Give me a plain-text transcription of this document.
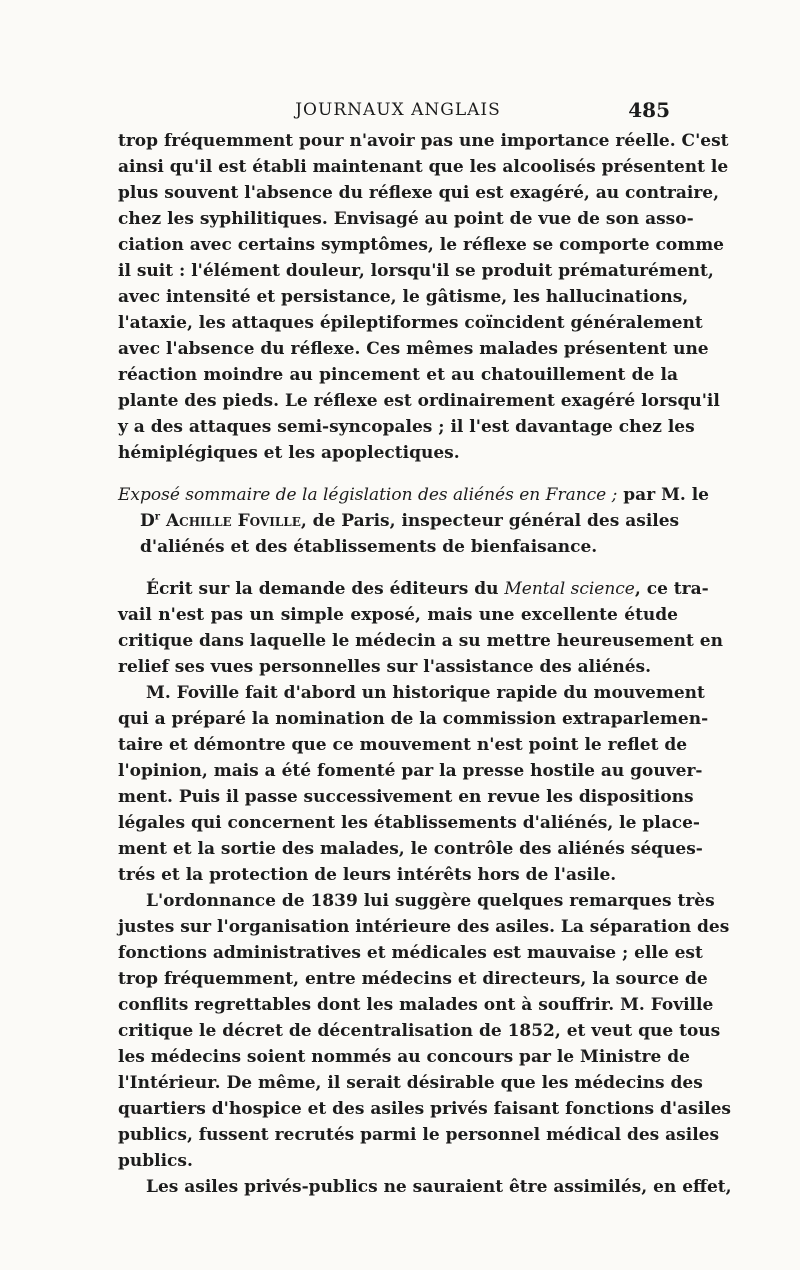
JOURNAUX ANGLAIS	485
trop fréquemment pour n'avoir pas une importance réelle. C'est
ainsi qu'il est établi maintenant que les alcoolisés présentent le
plus souvent l'absence du réflexe qui est exagéré, au contraire,
chez les syphilitiques. Envisagé au point de vue de son asso-
ciation avec certains symptômes, le réflexe se comporte comme
il suit : l'élément douleur, lorsqu'il se produit prématurément,
avec intensité et persistance, le gâtisme, les hallucinations,
l'ataxie, les attaques épileptiformes coïncident généralement
avec l'absence du réflexe. Ces mêmes malades présentent une
réaction moindre au pincement et au chatouillement de la
plante des pieds. Le réflexe est ordinairement exagéré lorsqu'il
y a des attaques semi-syncopales ; il l'est davantage chez les
hémiplégiques et les apoplectiques.
Exposé sommaire de la législation des aliénés en France ; par M. le
$D^r$ Achille Foville, de Paris, inspecteur général des asiles
d'aliénés et des établissements de bienfaisance.
Écrit sur la demande des éditeurs du Mental science, ce tra-
vail n'est pas un simple exposé, mais une excellente étude
critique dans laquelle le médecin a su mettre heureusement en
relief ses vues personnelles sur l'assistance des aliénés.
M. Foville fait d'abord un historique rapide du mouvement
qui a préparé la nomination de la commission extraparlemen-
taire et démontre que ce mouvement n'est point le reflet de
l'opinion, mais a été fomenté par la presse hostile au gouver-
ment. Puis il passe successivement en revue les dispositions
légales qui concernent les établissements d'aliénés, le place-
ment et la sortie des malades, le contrôle des aliénés séques-
trés et la protection de leurs intérêts hors de l'asile.
L'ordonnance de 1839 lui suggère quelques remarques très
justes sur l'organisation intérieure des asiles. La séparation des
fonctions administratives et médicales est mauvaise ; elle est
trop fréquemment, entre médecins et directeurs, la source de
conflits regrettables dont les malades ont à souffrir. M. Foville
critique le décret de décentralisation de 1852, et veut que tous
les médecins soient nommés au concours par le Ministre de
l'Intérieur. De même, il serait désirable que les médecins des
quartiers d'hospice et des asiles privés faisant fonctions d'asiles
publics, fussent recrutés parmi le personnel médical des asiles
publics.
Les asiles privés-publics ne sauraient être assimilés, en effet,
